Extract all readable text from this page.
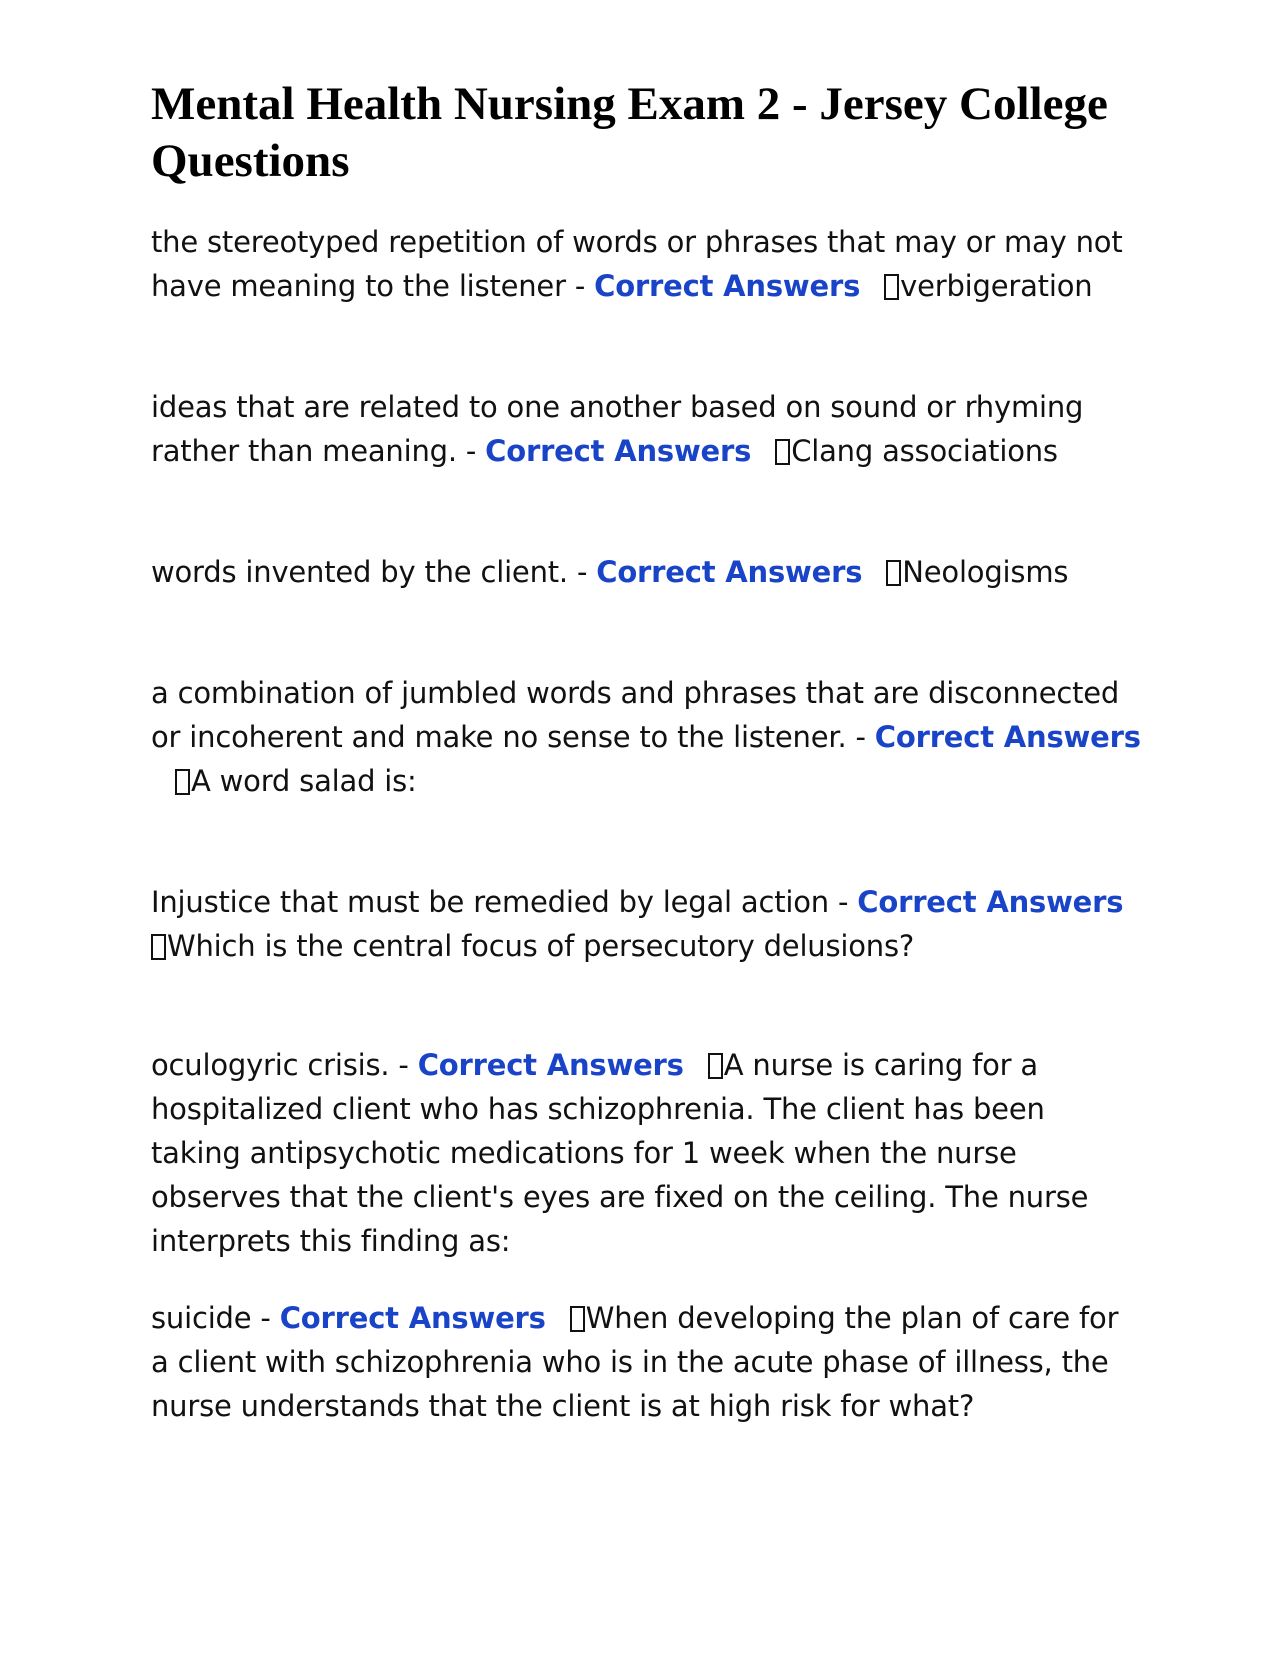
Mental Health Nursing Exam 2 - Jersey College Questions

the stereotyped repetition of words or phrases that may or may not have meaning to the listener - Correct Answers verbigeration

ideas that are related to one another based on sound or rhyming rather than meaning. - Correct Answers Clang associations

words invented by the client. - Correct Answers Neologisms

a combination of jumbled words and phrases that are disconnected or incoherent and make no sense to the listener. - Correct AnswersA word salad is:

Injustice that must be remedied by legal action - Correct Answers
Which is the central focus of persecutory delusions?

oculogyric crisis. - Correct Answers A nurse is caring for a hospitalized client who has schizophrenia. The client has been taking antipsychotic medications for 1 week when the nurse observes that the client's eyes are fixed on the ceiling. The nurse interprets this finding as:

suicide - Correct Answers When developing the plan of care for a client with schizophrenia who is in the acute phase of illness, the nurse understands that the client is at high risk for what?
